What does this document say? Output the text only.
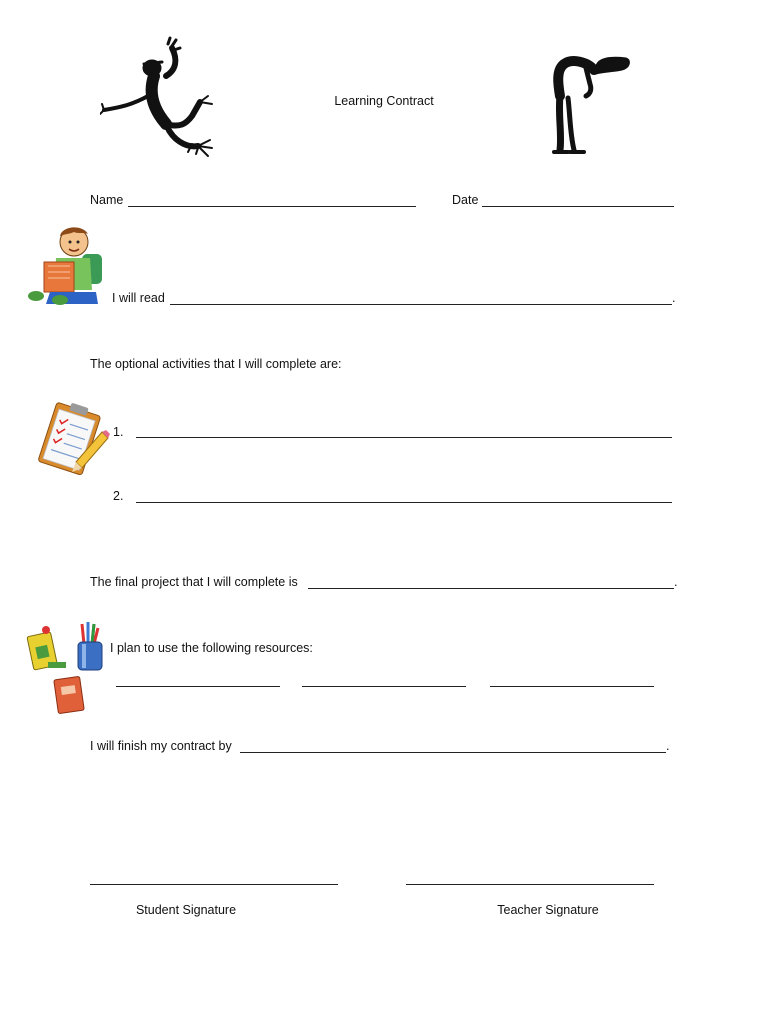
Learning Contract
Name	Date
I will read	.
The optional activities that I will complete are:
1.
2.
The final project that I will complete is	.
I plan to use the following resources:
I will finish my contract by	.
Student Signature	Teacher Signature
